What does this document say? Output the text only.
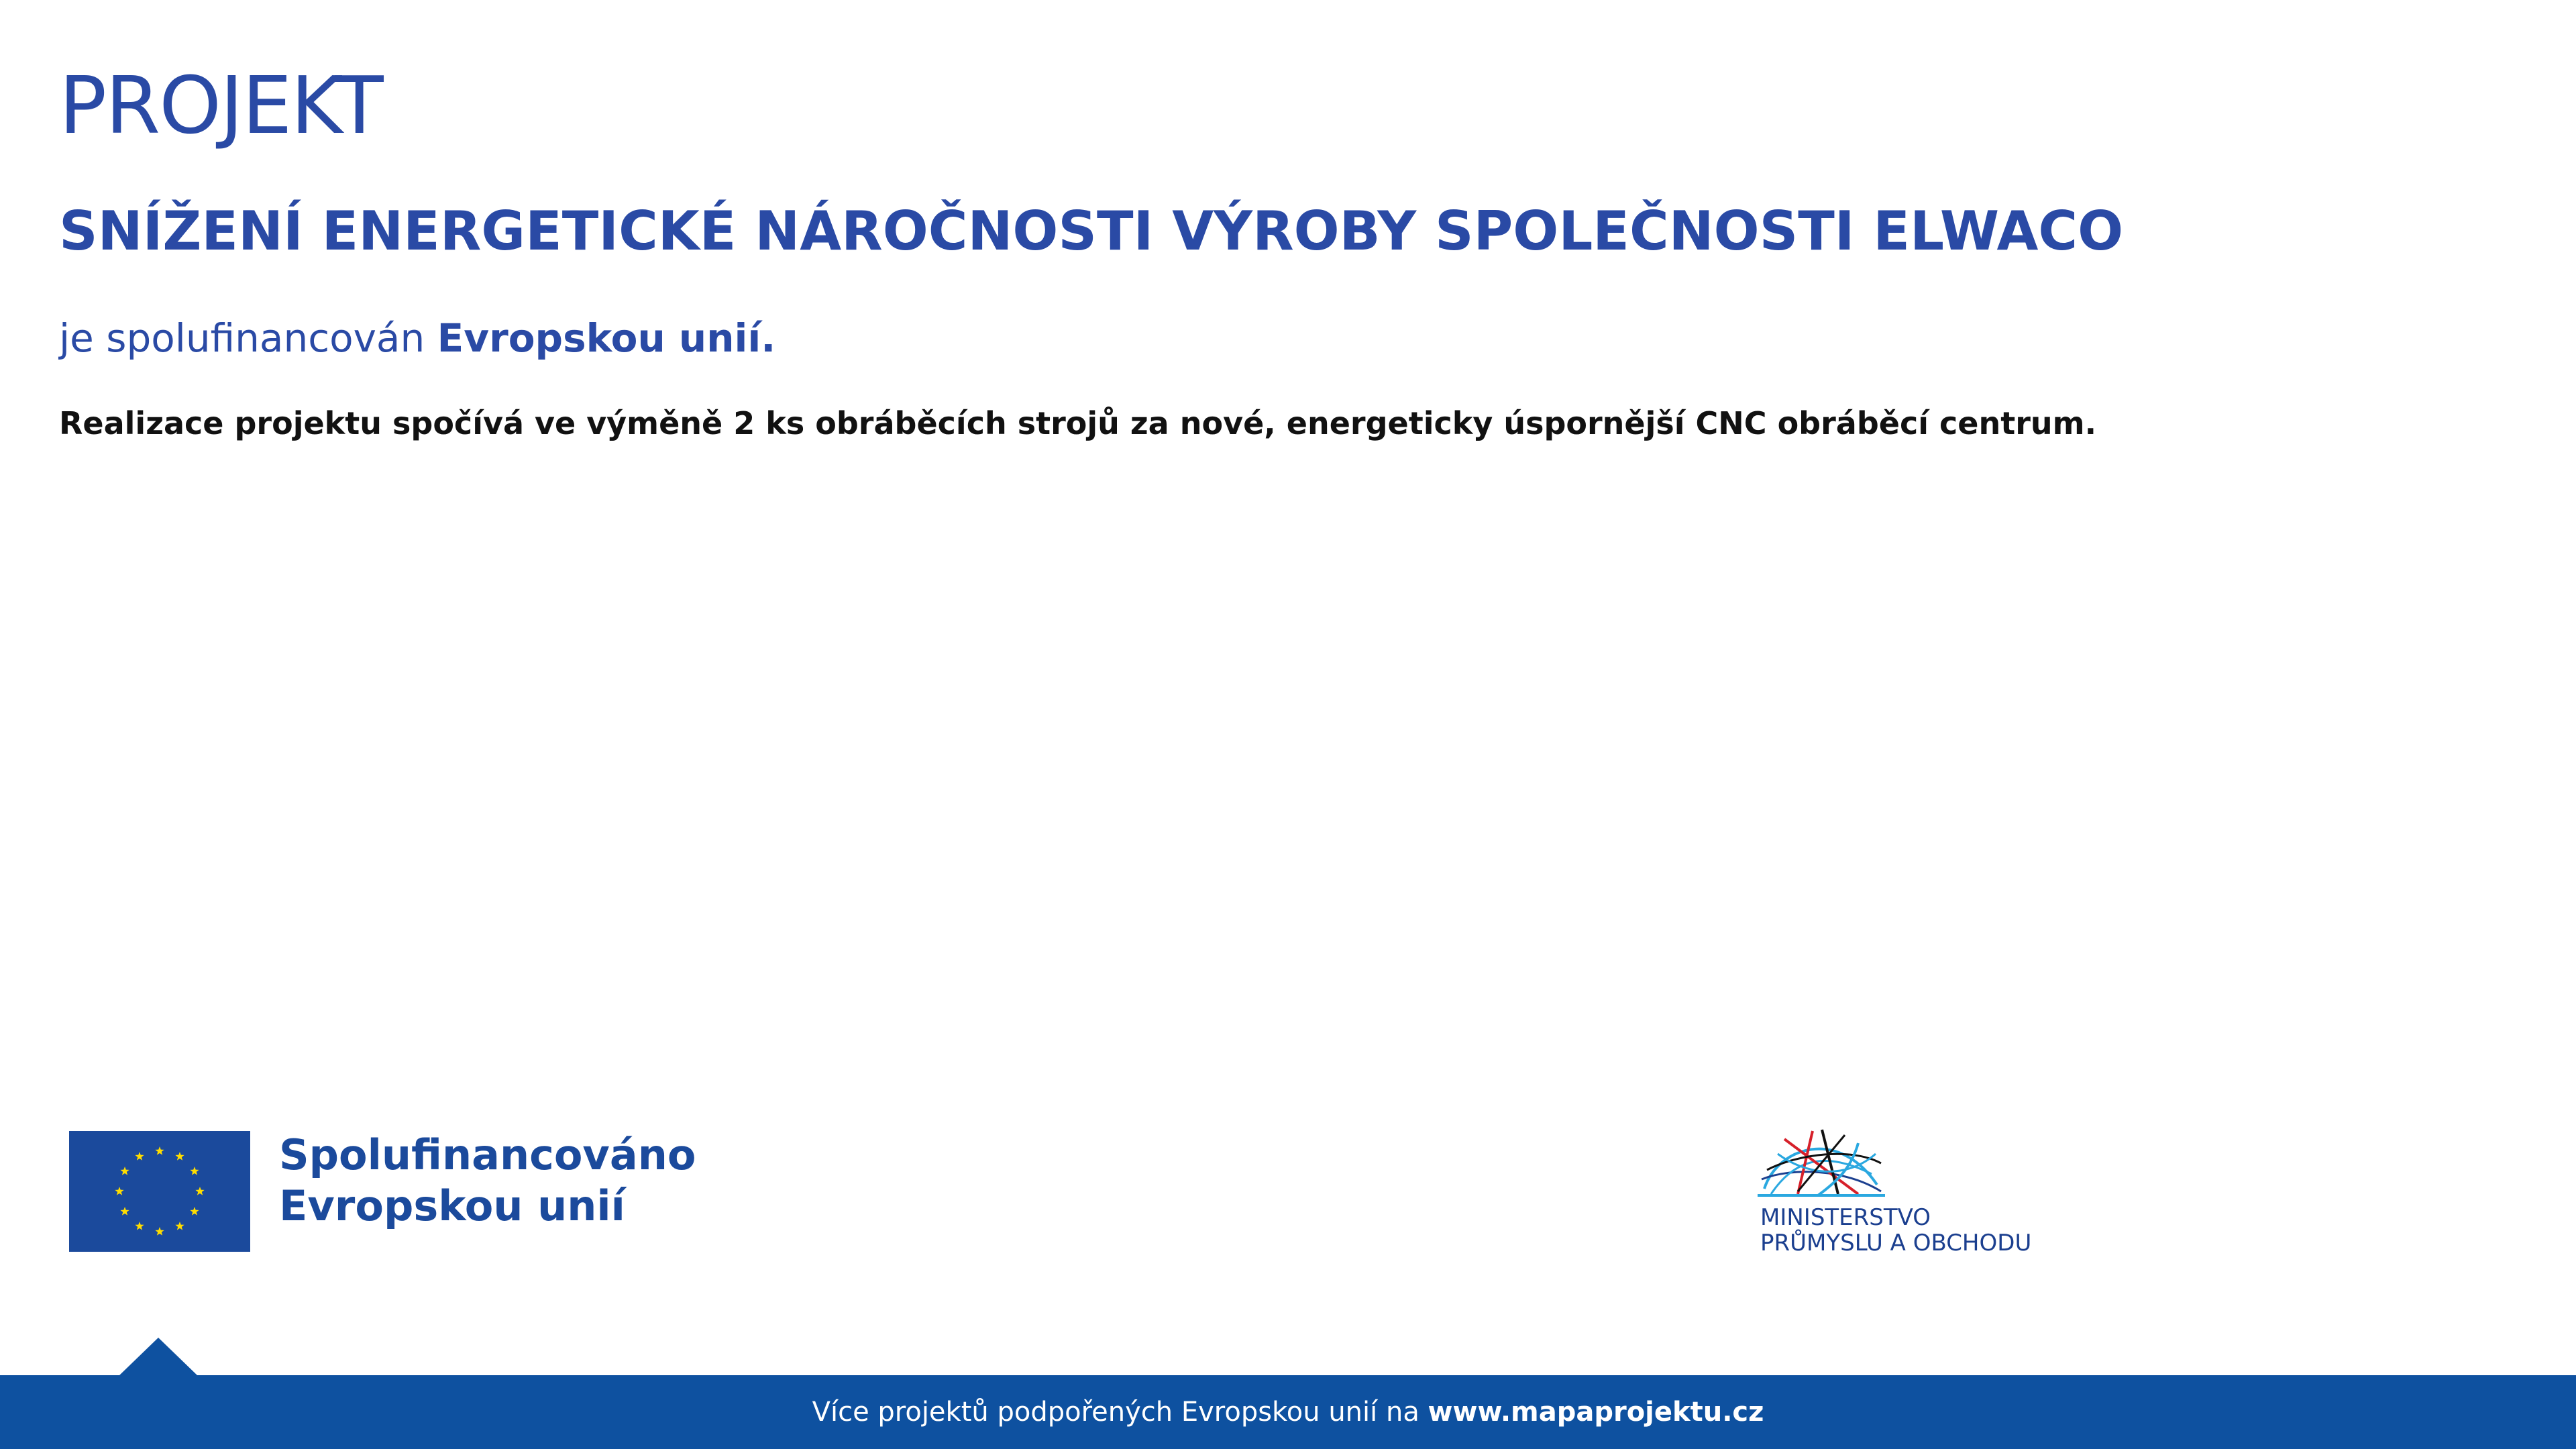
PROJEKT
SNÍŽENÍ ENERGETICKÉ NÁROČNOSTI VÝROBY SPOLEČNOSTI ELWACO
je spolufinancován Evropskou unií.
Realizace projektu spočívá ve výměně 2 ks obráběcích strojů za nové, energeticky úspornější CNC obráběcí centrum.
Spolufinancováno
Evropskou unií	MINISTERSTVO
PRŮMYSLU A OBCHODU
Více projektů podpořených Evropskou unií na www.mapaprojektu.cz
